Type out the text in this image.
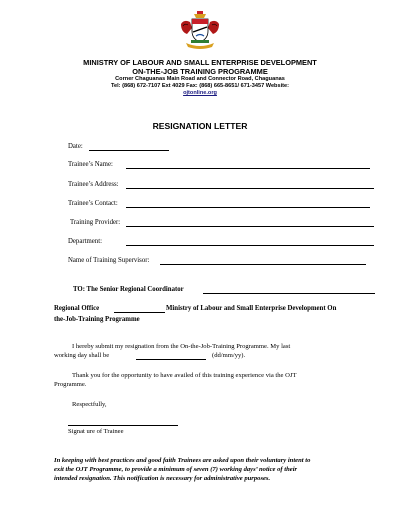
MINISTRY OF LABOUR AND SMALL ENTERPRISE DEVELOPMENT
ON-THE-JOB TRAINING PROGRAMME
Corner Chaguanas Main Road and Connector Road, Chaguanas
Tel: (868) 672-7107 Ext 4029 Fax: (868) 665-8651/ 671-3457 Website:
ojtonline.org
RESIGNATION LETTER
Date:
Trainee’s Name:
Trainee’s Address:
Trainee’s Contact:
Training Provider:
Department:
Name of Training Supervisor:
TO: The Senior Regional Coordinator
Regional Office	Ministry of Labour and Small Enterprise Development On
the-Job-Training Programme
I hereby submit my resignation from the On-the-Job-Training Programme. My last
working day shall be	(dd/mm/yy).
Thank you for the opportunity to have availed of this training experience via the OJT
Programme.
Respectfully,
Signat ure of Trainee
In keeping with best practices and good faith Trainees are asked upon their voluntary intent to
exit the OJT Programme, to provide a minimum of seven (7) working days’ notice of their
intended resignation. This notification is necessary for administrative purposes.
